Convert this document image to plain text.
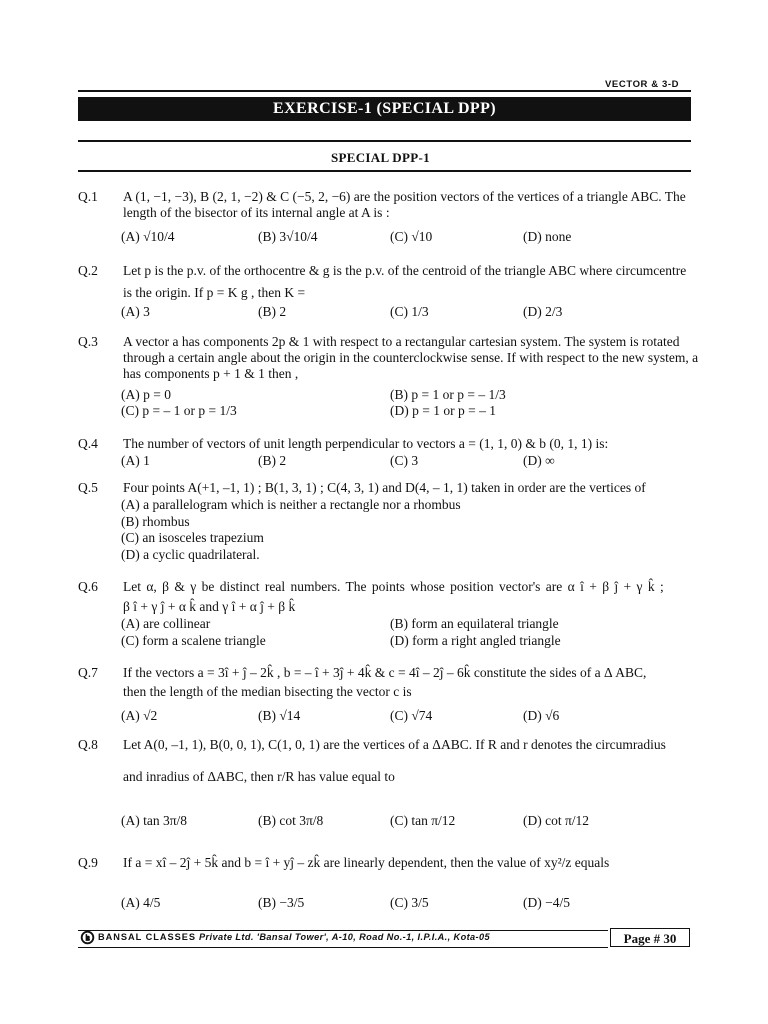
VECTOR & 3-D
EXERCISE-1 (SPECIAL DPP)
SPECIAL DPP-1
Q.1 A (1, −1, −3), B (2, 1, −2) & C (−5, 2, −6) are the position vectors of the vertices of a triangle ABC. The
length of the bisector of its internal angle at A is :
(A) √10/4	(B) 3√10/4	(C) √10	(D) none
Q.2 Let p is the p.v. of the orthocentre & g is the p.v. of the centroid of the triangle ABC where circumcentre
is the origin. If p = K g , then K =
(A) 3	(B) 2	(C) 1/3	(D) 2/3
Q.3 A vector a has components 2p & 1 with respect to a rectangular cartesian system. The system is rotated
through a certain angle about the origin in the counterclockwise sense. If with respect to the new system, a
has components p + 1 & 1 then ,
(A) p = 0	(B) p = 1 or p = – 1/3
(C) p = – 1 or p = 1/3	(D) p = 1 or p = – 1
Q.4 The number of vectors of unit length perpendicular to vectors a = (1, 1, 0) & b (0, 1, 1) is:
(A) 1	(B) 2	(C) 3	(D) ∞
Q.5 Four points A(+1, –1, 1) ; B(1, 3, 1) ; C(4, 3, 1) and D(4, – 1, 1) taken in order are the vertices of
(A) a parallelogram which is neither a rectangle nor a rhombus
(B) rhombus
(C) an isosceles trapezium
(D) a cyclic quadrilateral.
Q.6 Let α, β & γ be distinct real numbers. The points whose position vector's are α î + β ĵ + γ k̂ ;
β î + γ ĵ + α k̂ and γ î + α ĵ + β k̂
(A) are collinear	(B) form an equilateral triangle
(C) form a scalene triangle	(D) form a right angled triangle
Q.7 If the vectors a = 3î + ĵ – 2k̂ , b = – î + 3ĵ + 4k̂ & c = 4î – 2ĵ – 6k̂ constitute the sides of a Δ ABC,
then the length of the median bisecting the vector c is
(A) √2	(B) √14	(C) √74	(D) √6
Q.8 Let A(0, –1, 1), B(0, 0, 1), C(1, 0, 1) are the vertices of a ΔABC. If R and r denotes the circumradius
and inradius of ΔABC, then r/R has value equal to
(A) tan 3π/8	(B) cot 3π/8	(C) tan π/12	(D) cot π/12
Q.9 If a = xî – 2ĵ + 5k̂ and b = î + yĵ – zk̂ are linearly dependent, then the value of xy²/z equals
(A) 4/5	(B) −3/5	(C) 3/5	(D) −4/5
BANSAL CLASSES Private Ltd. 'Bansal Tower', A-10, Road No.-1, I.P.I.A., Kota-05	Page # 30
